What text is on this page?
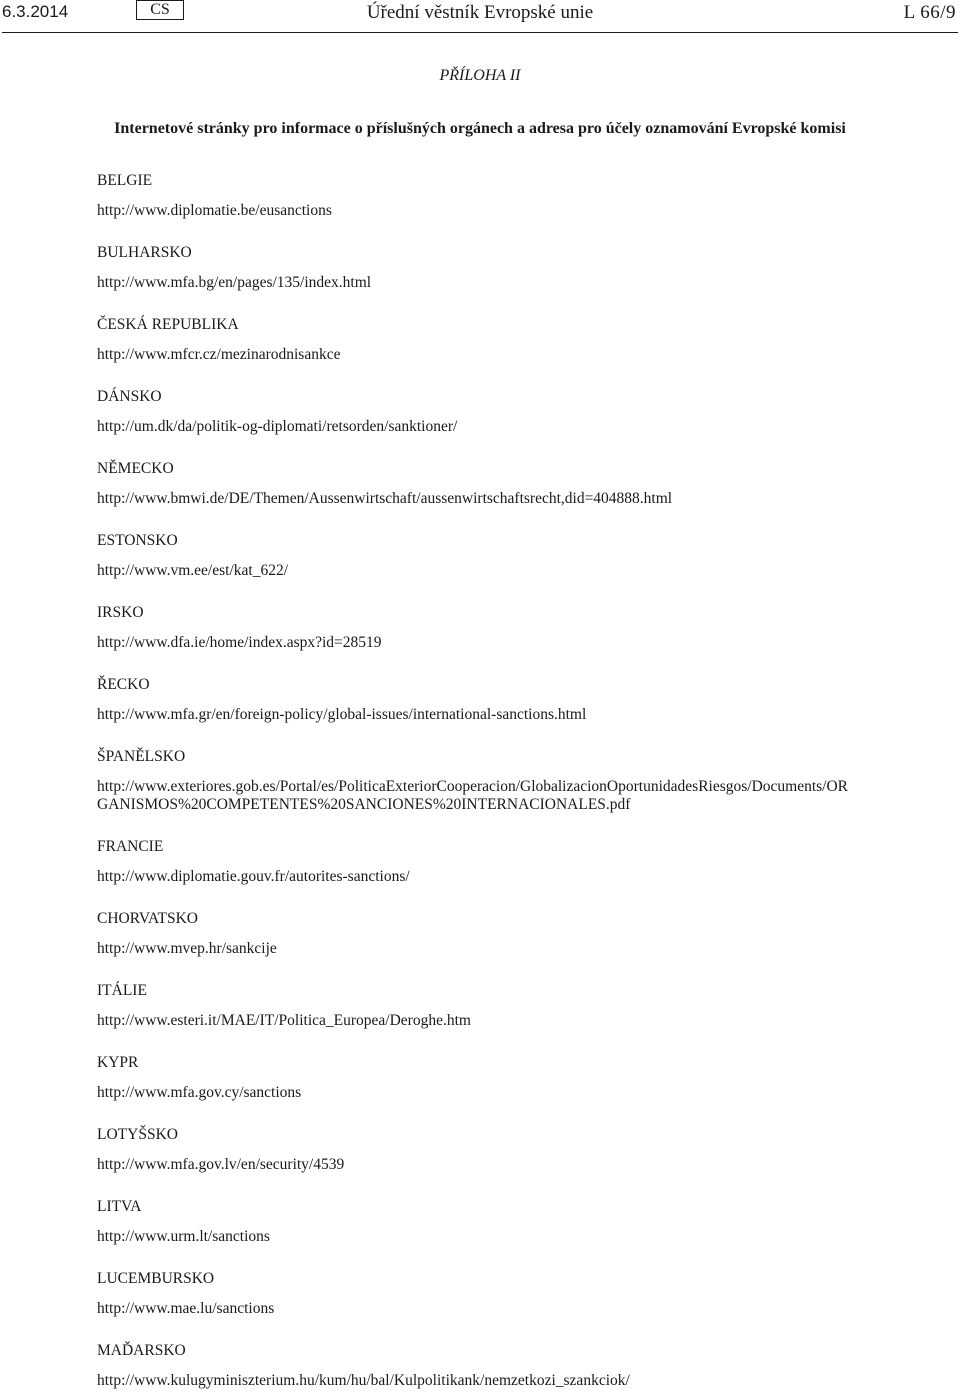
6.3.2014	CS	Úřední věstník Evropské unie	L 66/9
PŘÍLOHA II
Internetové stránky pro informace o příslušných orgánech a adresa pro účely oznamování Evropské komisi
BELGIE
http://www.diplomatie.be/eusanctions
BULHARSKO
http://www.mfa.bg/en/pages/135/index.html
ČESKÁ REPUBLIKA
http://www.mfcr.cz/mezinarodnisankce
DÁNSKO
http://um.dk/da/politik-og-diplomati/retsorden/sanktioner/
NĚMECKO
http://www.bmwi.de/DE/Themen/Aussenwirtschaft/aussenwirtschaftsrecht,did=404888.html
ESTONSKO
http://www.vm.ee/est/kat_622/
IRSKO
http://www.dfa.ie/home/index.aspx?id=28519
ŘECKO
http://www.mfa.gr/en/foreign-policy/global-issues/international-sanctions.html
ŠPANĚLSKO
http://www.exteriores.gob.es/Portal/es/PoliticaExteriorCooperacion/GlobalizacionOportunidadesRiesgos/Documents/ORGANISMOS%20COMPETENTES%20SANCIONES%20INTERNACIONALES.pdf
FRANCIE
http://www.diplomatie.gouv.fr/autorites-sanctions/
CHORVATSKO
http://www.mvep.hr/sankcije
ITÁLIE
http://www.esteri.it/MAE/IT/Politica_Europea/Deroghe.htm
KYPR
http://www.mfa.gov.cy/sanctions
LOTYŠSKO
http://www.mfa.gov.lv/en/security/4539
LITVA
http://www.urm.lt/sanctions
LUCEMBURSKO
http://www.mae.lu/sanctions
MAĎARSKO
http://www.kulugyminiszterium.hu/kum/hu/bal/Kulpolitikank/nemzetkozi_szankciok/
